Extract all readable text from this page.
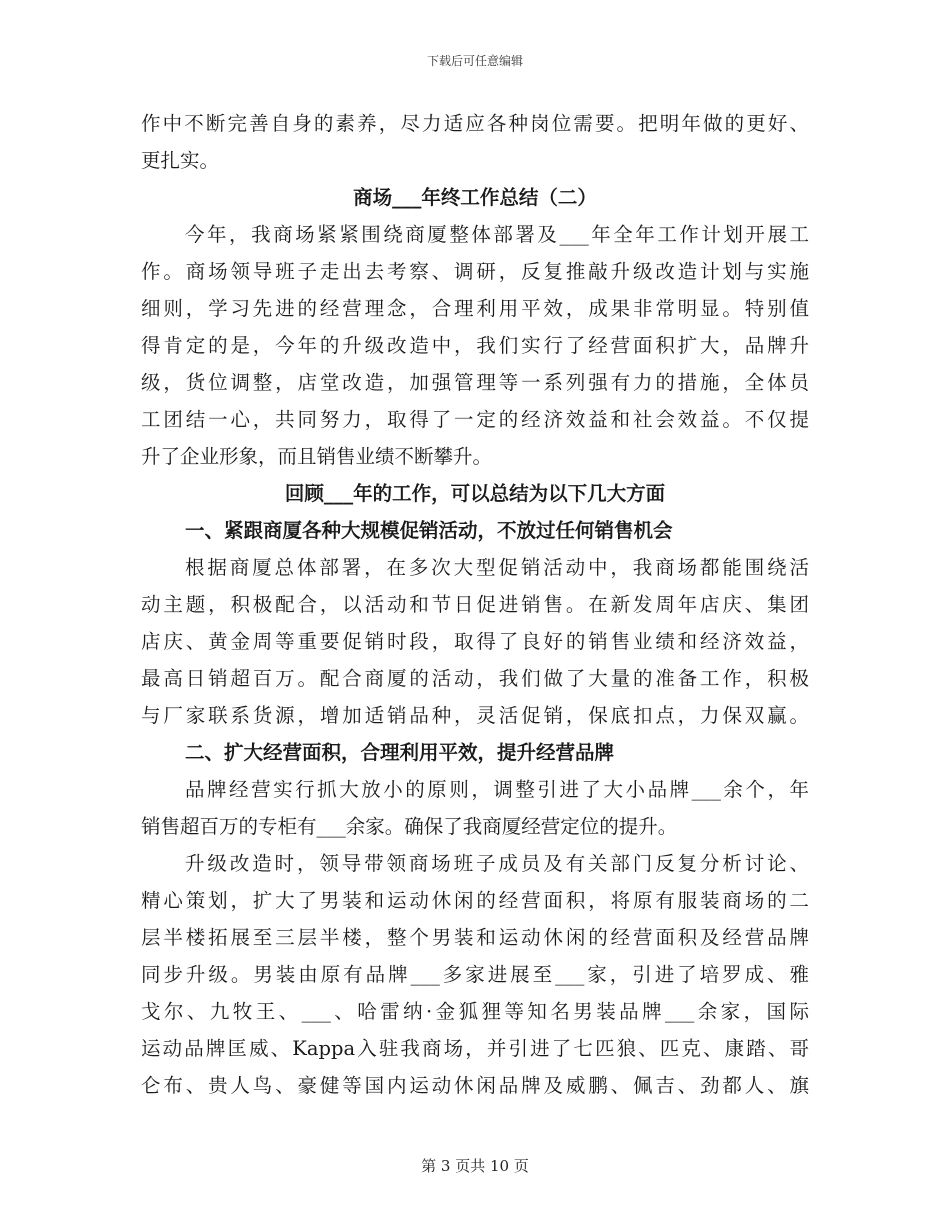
下载后可任意编辑
作中不断完善自身的素养，尽力适应各种岗位需要。把明年做的更好、
更扎实。
商场___年终工作总结（二）
今年，我商场紧紧围绕商厦整体部署及___年全年工作计划开展工
作。商场领导班子走出去考察、调研，反复推敲升级改造计划与实施
细则，学习先进的经营理念，合理利用平效，成果非常明显。特别值
得肯定的是，今年的升级改造中，我们实行了经营面积扩大，品牌升
级，货位调整，店堂改造，加强管理等一系列强有力的措施，全体员
工团结一心，共同努力，取得了一定的经济效益和社会效益。不仅提
升了企业形象，而且销售业绩不断攀升。
回顾___年的工作，可以总结为以下几大方面
一、紧跟商厦各种大规模促销活动，不放过任何销售机会
根据商厦总体部署，在多次大型促销活动中，我商场都能围绕活
动主题，积极配合，以活动和节日促进销售。在新发周年店庆、集团
店庆、黄金周等重要促销时段，取得了良好的销售业绩和经济效益，
最高日销超百万。配合商厦的活动，我们做了大量的准备工作，积极
与厂家联系货源，增加适销品种，灵活促销，保底扣点，力保双赢。
二、扩大经营面积，合理利用平效，提升经营品牌
品牌经营实行抓大放小的原则，调整引进了大小品牌___余个，年
销售超百万的专柜有___余家。确保了我商厦经营定位的提升。
升级改造时，领导带领商场班子成员及有关部门反复分析讨论、
精心策划，扩大了男装和运动休闲的经营面积，将原有服装商场的二
层半楼拓展至三层半楼，整个男装和运动休闲的经营面积及经营品牌
同步升级。男装由原有品牌___多家进展至___家，引进了培罗成、雅
戈尔、九牧王、___、哈雷纳·金狐狸等知名男装品牌___余家，国际
运动品牌匡威、Kappa入驻我商场，并引进了七匹狼、匹克、康踏、哥
仑布、贵人鸟、豪健等国内运动休闲品牌及威鹏、佩吉、劲都人、旗
第 3 页共 10 页
